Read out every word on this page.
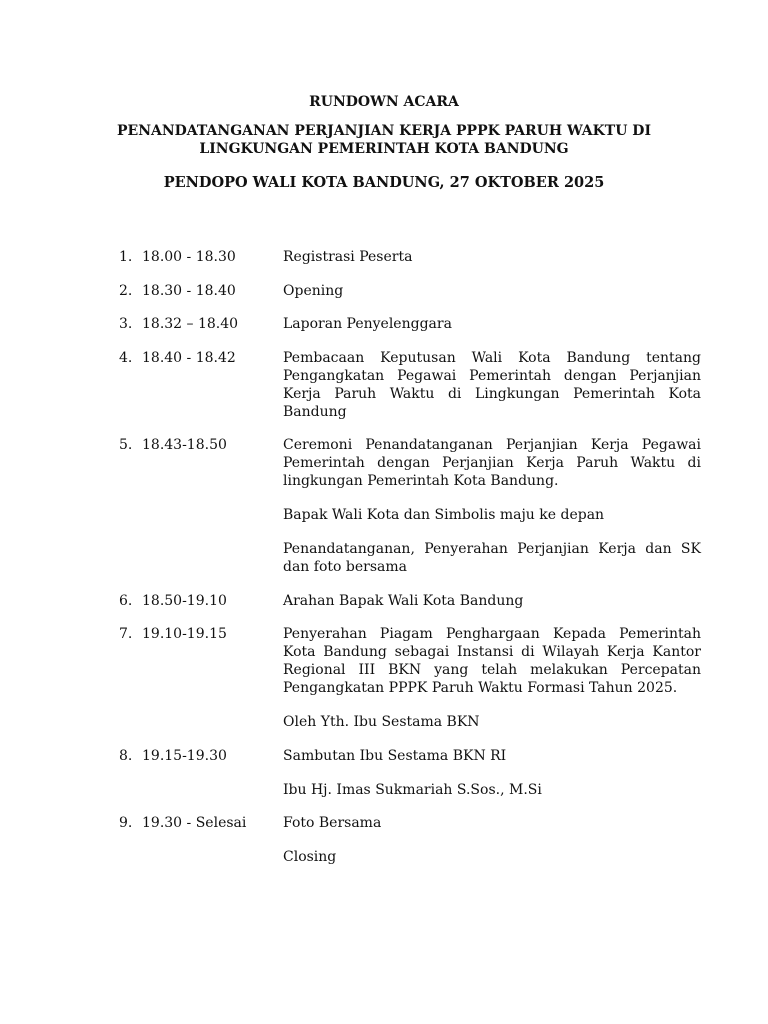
RUNDOWN ACARA
PENANDATANGANAN PERJANJIAN KERJA PPPK PARUH WAKTU DI
LINGKUNGAN PEMERINTAH KOTA BANDUNG
PENDOPO WALI KOTA BANDUNG, 27 OKTOBER 2025
1. 18.00 - 18.30	Registrasi Peserta

2. 18.30 - 18.40	Opening

3. 18.32 – 18.40	Laporan Penyelenggara

4. 18.40 - 18.42	Pembacaan Keputusan Wali Kota Bandung tentang Pengangkatan Pegawai Pemerintah dengan Perjanjian Kerja Paruh Waktu di Lingkungan Pemerintah Kota Bandung

5. 18.43-18.50	Ceremoni Penandatanganan Perjanjian Kerja Pegawai Pemerintah dengan Perjanjian Kerja Paruh Waktu di lingkungan Pemerintah Kota Bandung.

Bapak Wali Kota dan Simbolis maju ke depan

Penandatanganan, Penyerahan Perjanjian Kerja dan SK dan foto bersama

6. 18.50-19.10	Arahan Bapak Wali Kota Bandung

7. 19.10-19.15	Penyerahan Piagam Penghargaan Kepada Pemerintah Kota Bandung sebagai Instansi di Wilayah Kerja Kantor Regional III BKN yang telah melakukan Percepatan Pengangkatan PPPK Paruh Waktu Formasi Tahun 2025.

Oleh Yth. Ibu Sestama BKN

8. 19.15-19.30	Sambutan Ibu Sestama BKN RI

Ibu Hj. Imas Sukmariah S.Sos., M.Si

9. 19.30 - Selesai	Foto Bersama

Closing
